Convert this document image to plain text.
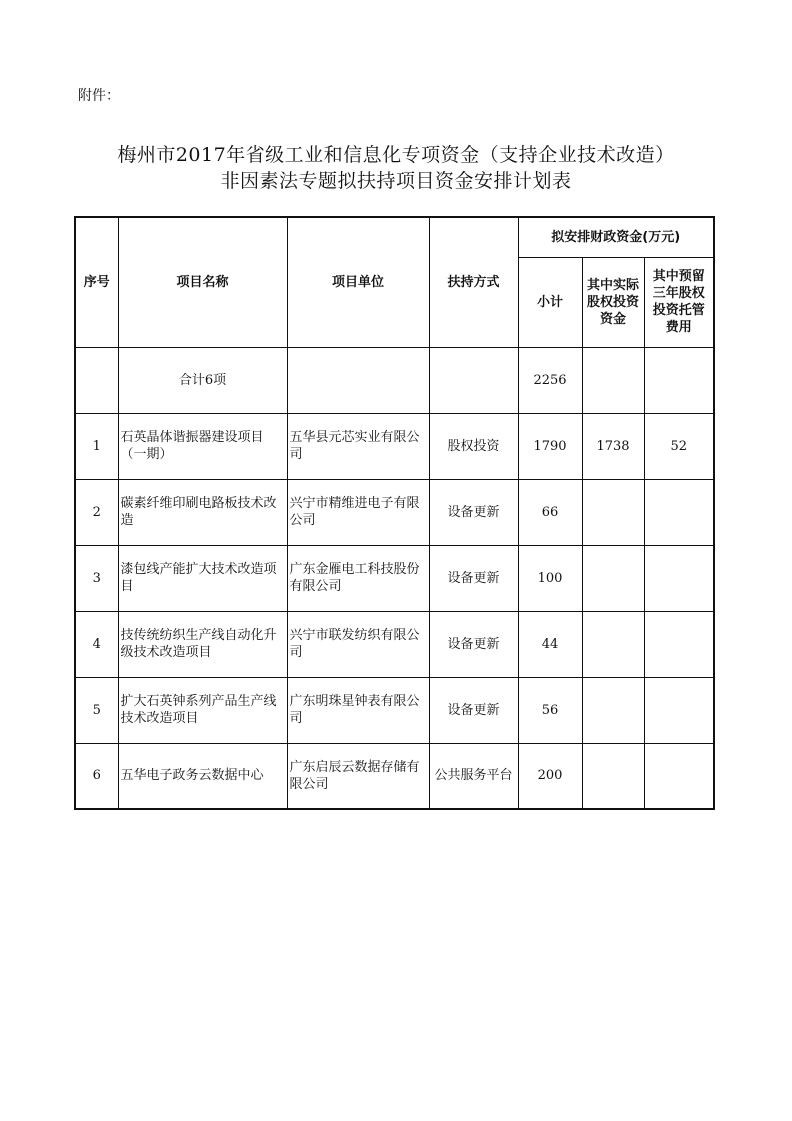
附件：
梅州市2017年省级工业和信息化专项资金（支持企业技术改造）
非因素法专题拟扶持项目资金安排计划表
序号	项目名称	项目单位	扶持方式	拟安排财政资金(万元)		
				小计	其中实际股权投资资金	其中预留三年股权投资托管费用
	合计6项			2256		
1	石英晶体谐振器建设项目（一期）	五华县元芯实业有限公司	股权投资	1790	1738	52
2	碳素纤维印刷电路板技术改造	兴宁市精维进电子有限公司	设备更新	66		
3	漆包线产能扩大技术改造项目	广东金雁电工科技股份有限公司	设备更新	100		
4	技传统纺织生产线自动化升级技术改造项目	兴宁市联发纺织有限公司	设备更新	44		
5	扩大石英钟系列产品生产线技术改造项目	广东明珠星钟表有限公司	设备更新	56		
6	五华电子政务云数据中心	广东启辰云数据存储有限公司	公共服务平台	200		
